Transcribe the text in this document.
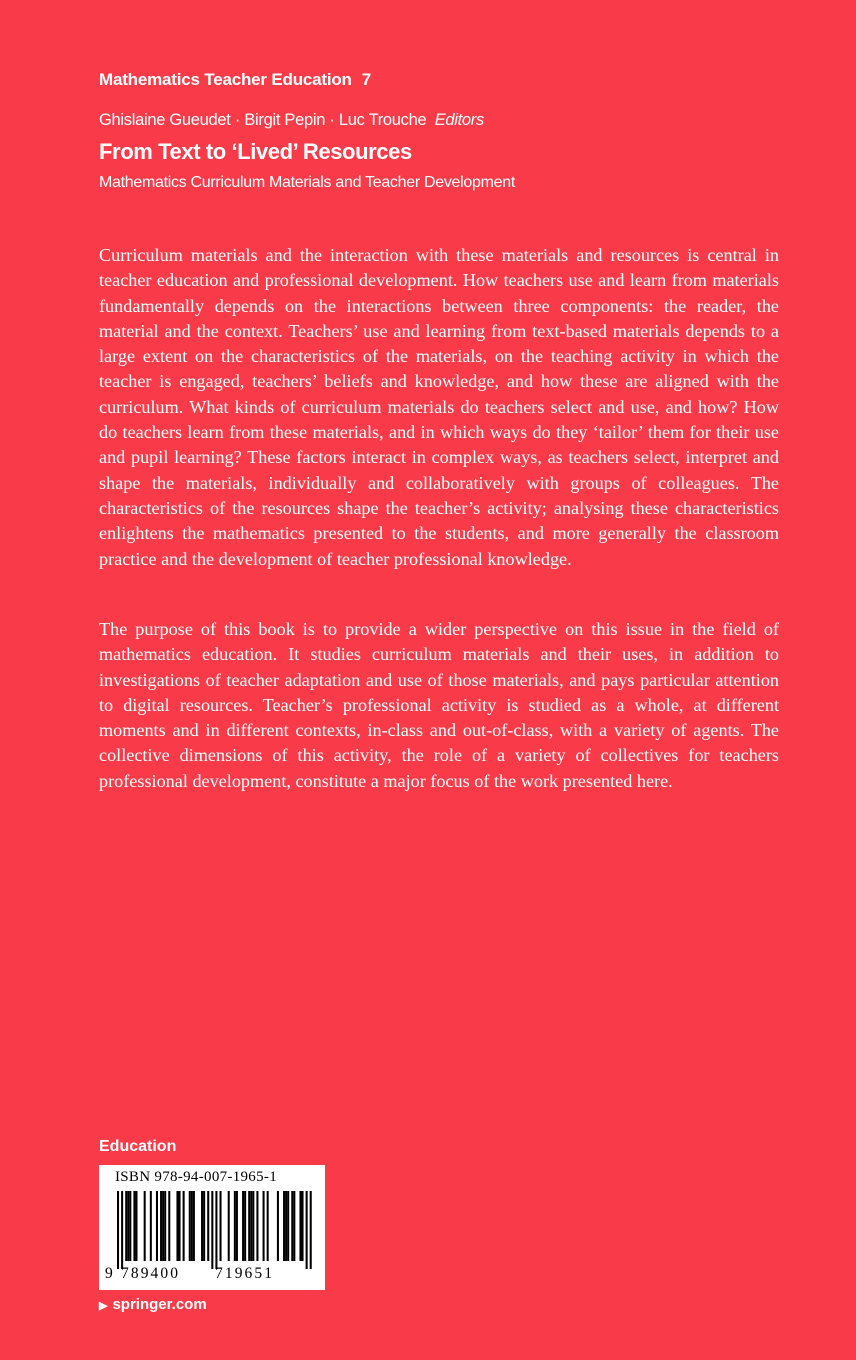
Mathematics Teacher Education 7
Ghislaine Gueudet · Birgit Pepin · Luc Trouche Editors
From Text to ‘Lived’ Resources
Mathematics Curriculum Materials and Teacher Development

Curriculum materials and the interaction with these materials and resources is central in teacher education and professional development. How teachers use and learn from materials fundamentally depends on the interactions between three components: the reader, the material and the context. Teachers’ use and learning from text-based materials depends to a large extent on the characteristics of the materials, on the teaching activity in which the teacher is engaged, teachers’ beliefs and knowledge, and how these are aligned with the curriculum. What kinds of curriculum materials do teachers select and use, and how? How do teachers learn from these materials, and in which ways do they ‘tailor’ them for their use and pupil learning? These factors interact in complex ways, as teachers select, interpret and shape the materials, individually and collaboratively with groups of colleagues. The characteristics of the resources shape the teacher’s activity; analysing these characteristics enlightens the mathematics presented to the students, and more generally the classroom practice and the development of teacher professional knowledge.

The purpose of this book is to provide a wider perspective on this issue in the field of mathematics education. It studies curriculum materials and their uses, in addition to investigations of teacher adaptation and use of those materials, and pays particular attention to digital resources. Teacher’s professional activity is studied as a whole, at different moments and in different contexts, in-class and out-of-class, with a variety of agents. The collective dimensions of this activity, the role of a variety of collectives for teachers professional development, constitute a major focus of the work presented here.

Education
ISBN 978-94-007-1965-1
9 789400 719651
▶ springer.com
